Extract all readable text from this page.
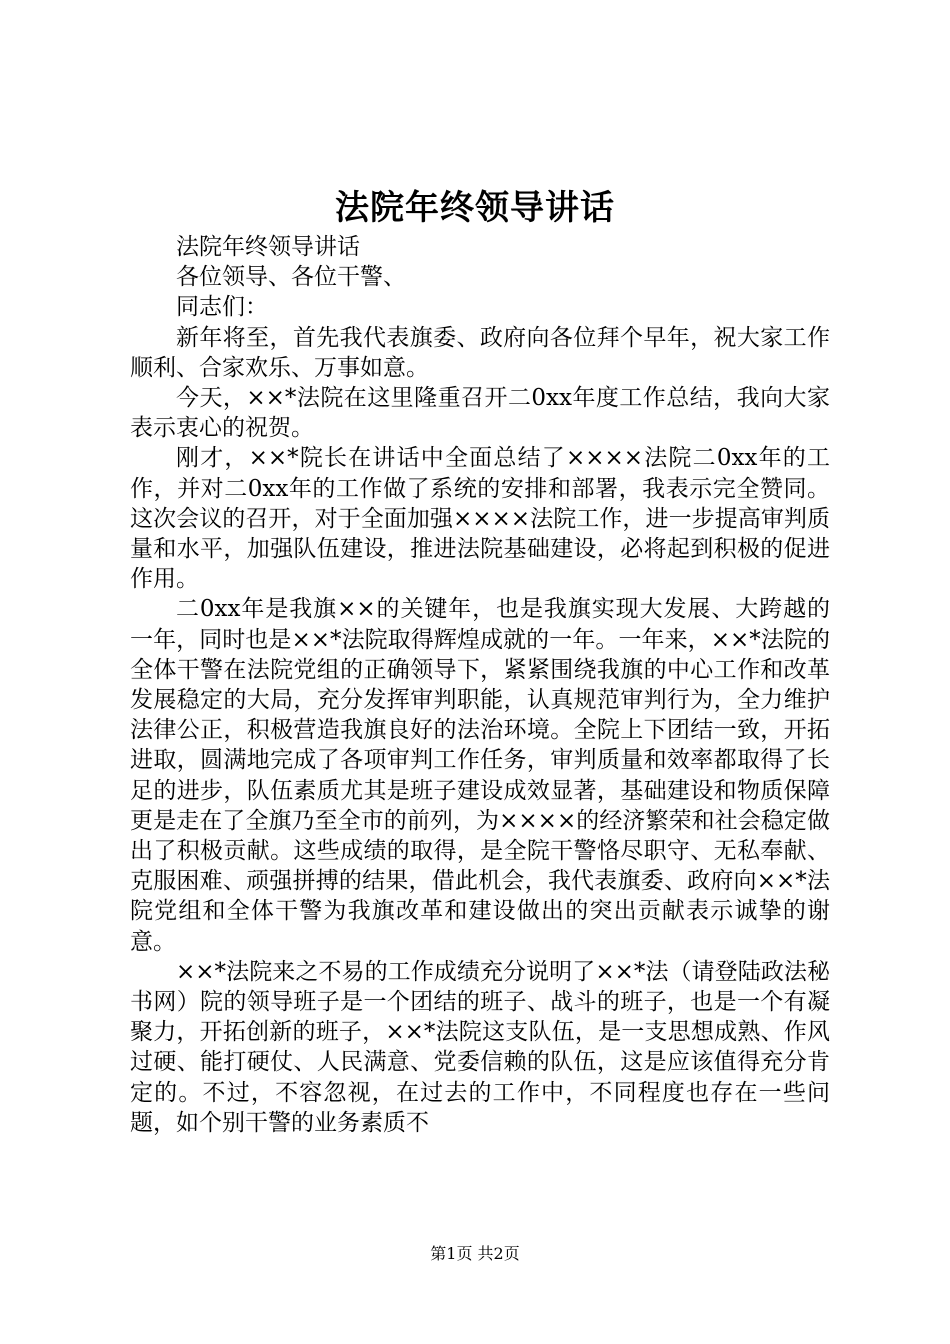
法院年终领导讲话

法院年终领导讲话

各位领导、各位干警、

同志们：

新年将至，首先我代表旗委、政府向各位拜个早年，祝大家工作顺利、合家欢乐、万事如意。

今天，××*法院在这里隆重召开二0xx年度工作总结，我向大家表示衷心的祝贺。

刚才，××*院长在讲话中全面总结了××××法院二0xx年的工作，并对二0xx年的工作做了系统的安排和部署，我表示完全赞同。这次会议的召开，对于全面加强××××法院工作，进一步提高审判质量和水平，加强队伍建设，推进法院基础建设，必将起到积极的促进作用。

二0xx年是我旗××的关键年，也是我旗实现大发展、大跨越的一年，同时也是××*法院取得辉煌成就的一年。一年来，××*法院的全体干警在法院党组的正确领导下，紧紧围绕我旗的中心工作和改革发展稳定的大局，充分发挥审判职能，认真规范审判行为，全力维护法律公正，积极营造我旗良好的法治环境。全院上下团结一致，开拓进取，圆满地完成了各项审判工作任务，审判质量和效率都取得了长足的进步，队伍素质尤其是班子建设成效显著，基础建设和物质保障更是走在了全旗乃至全市的前列，为××××的经济繁荣和社会稳定做出了积极贡献。这些成绩的取得，是全院干警恪尽职守、无私奉献、克服困难、顽强拼搏的结果，借此机会，我代表旗委、政府向××*法院党组和全体干警为我旗改革和建设做出的突出贡献表示诚挚的谢意。

××*法院来之不易的工作成绩充分说明了××*法（请登陆政法秘书网）院的领导班子是一个团结的班子、战斗的班子，也是一个有凝聚力，开拓创新的班子，××*法院这支队伍，是一支思想成熟、作风过硬、能打硬仗、人民满意、党委信赖的队伍，这是应该值得充分肯定的。不过，不容忽视，在过去的工作中，不同程度也存在一些问题，如个别干警的业务素质不

第1页 共2页
